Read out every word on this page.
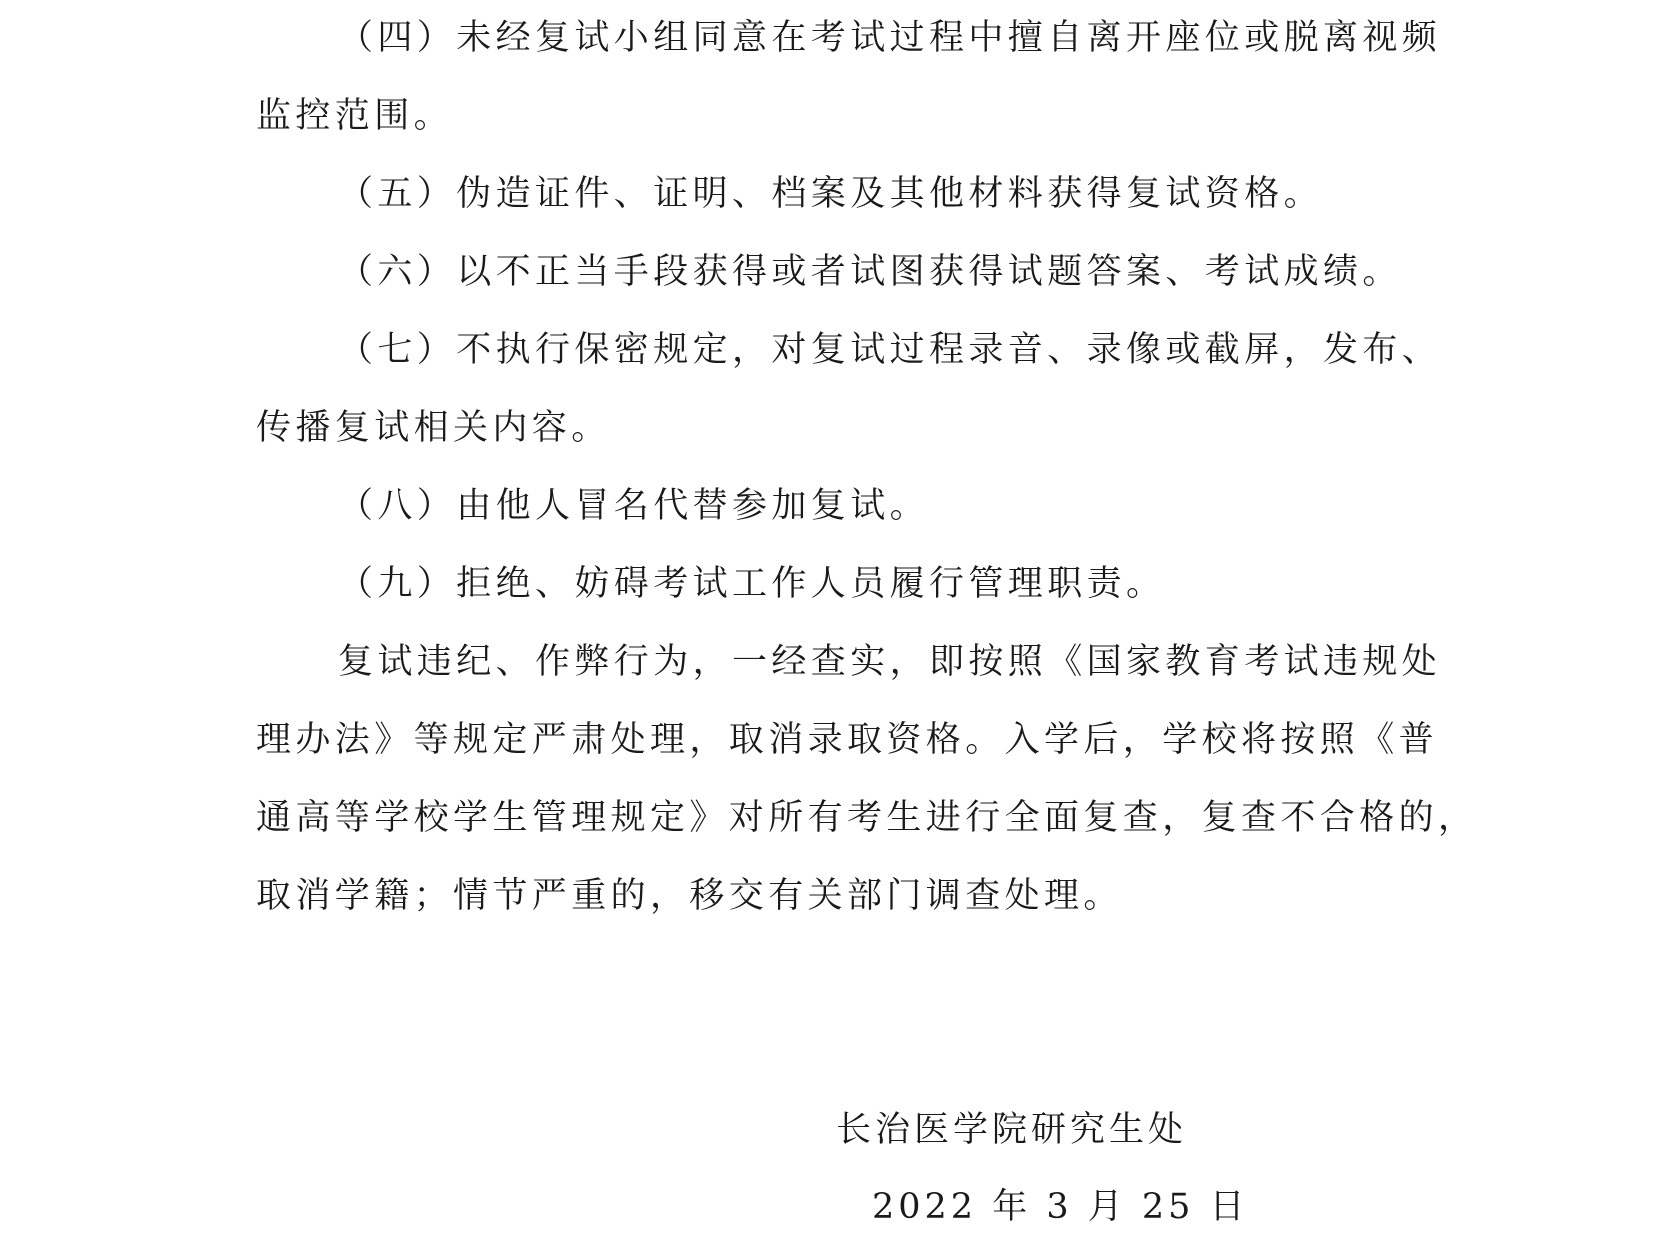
（四）未经复试小组同意在考试过程中擅自离开座位或脱离视频

监控范围。

（五）伪造证件、证明、档案及其他材料获得复试资格。

（六）以不正当手段获得或者试图获得试题答案、考试成绩。

（七）不执行保密规定，对复试过程录音、录像或截屏，发布、

传播复试相关内容。

（八）由他人冒名代替参加复试。

（九）拒绝、妨碍考试工作人员履行管理职责。

复试违纪、作弊行为，一经查实，即按照《国家教育考试违规处

理办法》等规定严肃处理，取消录取资格。入学后，学校将按照《普

通高等学校学生管理规定》对所有考生进行全面复查，复查不合格的，

取消学籍；情节严重的，移交有关部门调查处理。

长治医学院研究生处

2022 年 3 月 25 日
